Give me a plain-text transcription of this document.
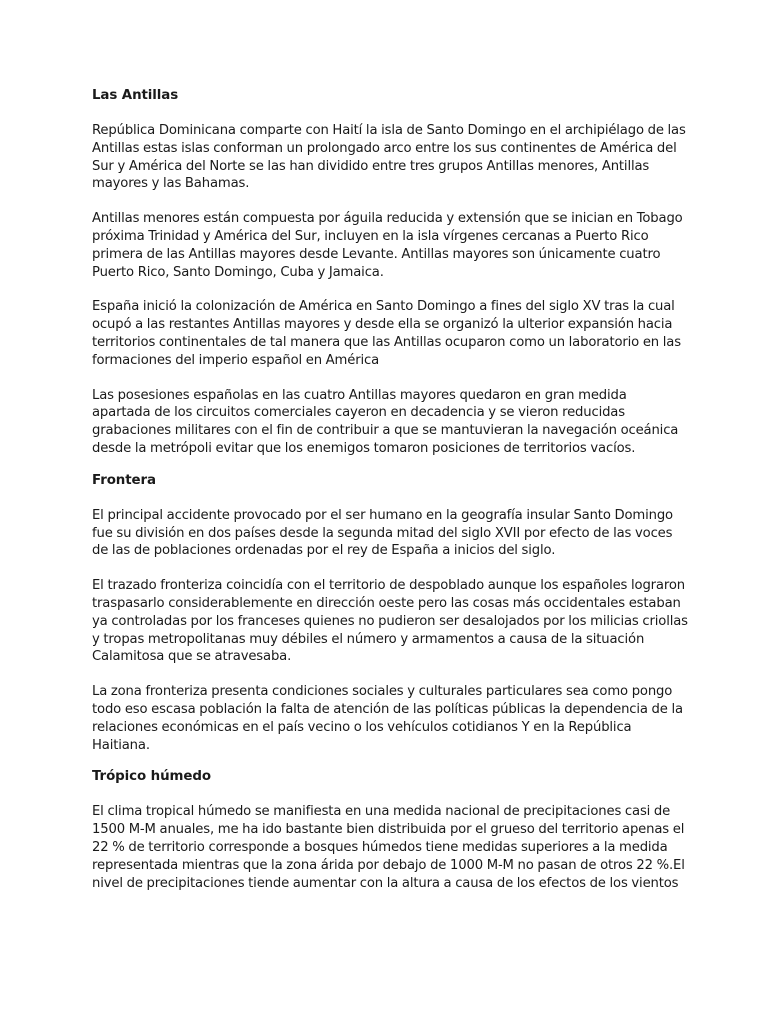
Las Antillas

República Dominicana comparte con Haití la isla de Santo Domingo en el archipiélago de las Antillas estas islas conforman un prolongado arco entre los sus continentes de América del Sur y América del Norte se las han dividido entre tres grupos Antillas menores, Antillas mayores y las Bahamas.

Antillas menores están compuesta por águila reducida y extensión que se inician en Tobago próxima Trinidad y América del Sur, incluyen en la isla vírgenes cercanas a Puerto Rico primera de las Antillas mayores desde Levante. Antillas mayores son únicamente cuatro Puerto Rico, Santo Domingo, Cuba y Jamaica.

España inició la colonización de América en Santo Domingo a fines del siglo XV tras la cual ocupó a las restantes Antillas mayores y desde ella se organizó la ulterior expansión hacia territorios continentales de tal manera que las Antillas ocuparon como un laboratorio en las formaciones del imperio español en América

Las posesiones españolas en las cuatro Antillas mayores quedaron en gran medida apartada de los circuitos comerciales cayeron en decadencia y se vieron reducidas grabaciones militares con el fin de contribuir a que se mantuvieran la navegación oceánica desde la metrópoli evitar que los enemigos tomaron posiciones de territorios vacíos.

Frontera

El principal accidente provocado por el ser humano en la geografía insular Santo Domingo fue su división en dos países desde la segunda mitad del siglo XVII por efecto de las voces de las de poblaciones ordenadas por el rey de España a inicios del siglo.

El trazado fronteriza coincidía con el territorio de despoblado aunque los españoles lograron traspasarlo considerablemente en dirección oeste pero las cosas más occidentales estaban ya controladas por los franceses quienes no pudieron ser desalojados por los milicias criollas y tropas metropolitanas muy débiles el número y armamentos a causa de la situación Calamitosa que se atravesaba.

La zona fronteriza presenta condiciones sociales y culturales particulares sea como pongo todo eso escasa población la falta de atención de las políticas públicas la dependencia de la relaciones económicas en el país vecino o los vehículos cotidianos Y en la República Haitiana.

Trópico húmedo

El clima tropical húmedo se manifiesta en una medida nacional de precipitaciones casi de 1500 M-M anuales, me ha ido bastante bien distribuida por el grueso del territorio apenas el 22 % de territorio corresponde a bosques húmedos tiene medidas superiores a la medida representada mientras que la zona árida por debajo de 1000 M-M no pasan de otros 22 %.El nivel de precipitaciones tiende aumentar con la altura a causa de los efectos de los vientos
